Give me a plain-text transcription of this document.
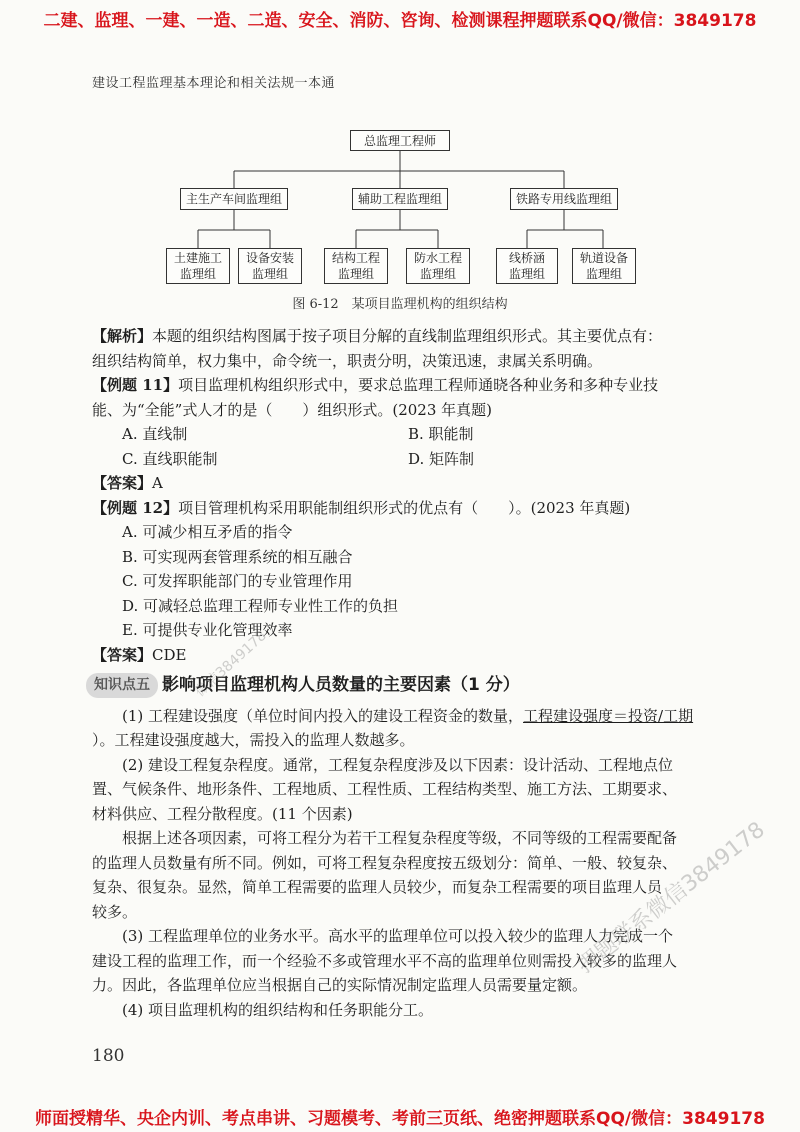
二建、监理、一建、一造、二造、安全、消防、咨询、检测课程押题联系QQ/微信：3849178
建设工程监理基本理论和相关法规一本通
总监理工程师
主生产车间监理组	辅助工程监理组	铁路专用线监理组
土建施工
监理组
设备安装
监理组
结构工程
监理组
防水工程
监理组
线桥涵
监理组
轨道设备
监理组
图 6-12　某项目监理机构的组织结构
【解析】本题的组织结构图属于按子项目分解的直线制监理组织形式。其主要优点有：
组织结构简单，权力集中，命令统一，职责分明，决策迅速，隶属关系明确。
【例题 11】项目监理机构组织形式中，要求总监理工程师通晓各种业务和多种专业技
能、为“全能”式人才的是（　　）组织形式。(2023 年真题)
A. 直线制	B. 职能制
C. 直线职能制	D. 矩阵制
【答案】A
【例题 12】项目管理机构采用职能制组织形式的优点有（　　）。(2023 年真题)
A. 可减少相互矛盾的指令
B. 可实现两套管理系统的相互融合
C. 可发挥职能部门的专业管理作用
D. 可减轻总监理工程师专业性工作的负担
E. 可提供专业化管理效率
【答案】CDE
知识点五 影响项目监理机构人员数量的主要因素（1 分）
(1) 工程建设强度（单位时间内投入的建设工程资金的数量，工程建设强度＝投资/工期
）。工程建设强度越大，需投入的监理人数越多。
(2) 建设工程复杂程度。通常，工程复杂程度涉及以下因素：设计活动、工程地点位
置、气候条件、地形条件、工程地质、工程性质、工程结构类型、施工方法、工期要求、
材料供应、工程分散程度。(11 个因素)
根据上述各项因素，可将工程分为若干工程复杂程度等级，不同等级的工程需要配备
的监理人员数量有所不同。例如，可将工程复杂程度按五级划分：简单、一般、较复杂、
复杂、很复杂。显然，简单工程需要的监理人员较少，而复杂工程需要的项目监理人员
较多。
(3) 工程监理单位的业务水平。高水平的监理单位可以投入较少的监理人力完成一个
建设工程的监理工作，而一个经验不多或管理水平不高的监理单位则需投入较多的监理人
力。因此，各监理单位应当根据自己的实际情况制定监理人员需要量定额。
(4) 项目监理机构的组织结构和任务职能分工。
180
微信3849178
押题联系微信3849178
师面授精华、央企内训、考点串讲、习题模考、考前三页纸、绝密押题联系QQ/微信：3849178
